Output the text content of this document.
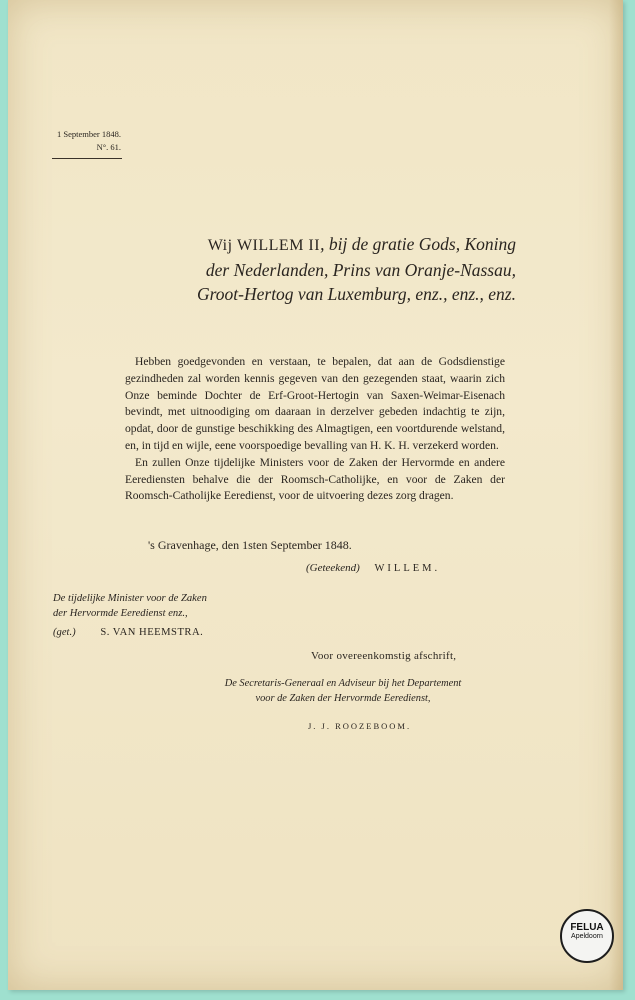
1 September 1848.
N°. 61.
Wij WILLEM II, bij de gratie Gods, Koning
der Nederlanden, Prins van Oranje-Nassau,
Groot-Hertog van Luxemburg, enz., enz., enz.

Hebben goedgevonden en verstaan, te bepalen, dat aan de Godsdienstige gezindheden zal worden kennis gegeven van den gezegenden staat, waarin zich Onze beminde Dochter de Erf-Groot-Hertogin van Saxen-Weimar-Eisenach bevindt, met uitnoodiging om daaraan in derzelver gebeden indachtig te zijn, opdat, door de gunstige beschikking des Almagtigen, een voortdurende welstand, en, in tijd en wijle, eene voorspoedige bevalling van H. K. H. verzekerd worden.

En zullen Onze tijdelijke Ministers voor de Zaken der Hervormde en andere Eerediensten behalve die der Roomsch-Catholijke, en voor de Zaken der Roomsch-Catholijke Eeredienst, voor de uitvoering dezes zorg dragen.

's Gravenhage, den 1sten September 1848.
(Geteekend) WILLEM.
De tijdelijke Minister voor de Zaken
der Hervormde Eeredienst enz.,
(get.) S. VAN HEEMSTRA.
Voor overeenkomstig afschrift,
De Secretaris-Generaal en Adviseur bij het Departement
voor de Zaken der Hervormde Eeredienst,
J. J. ROOZEBOOM.
FELUA
Apeldoorn
